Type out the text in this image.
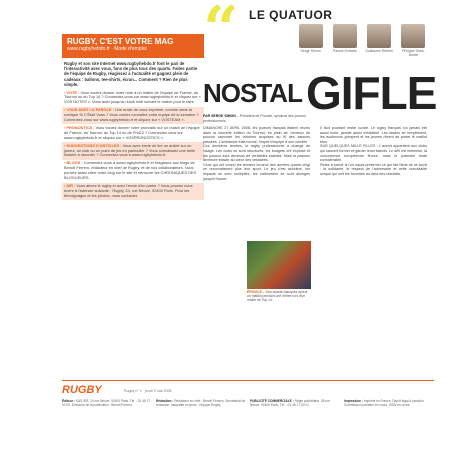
RUGBY, C'EST VOTRE MAG
www.rugbyhebdo.fr · Mode d'emploi
Rugby et son site Internet www.rugbyhebdo.fr font le pari de l'interactivité avec vous, fans de plus tous des quarts. Faites partie de l'équipe de Rugby, réagissez à l'actualité et gagnez plein de cadeaux : ballons, tee-shirts, écran... Comment ? Rien de plus simple.
› VOTE : Vous voulez donner votre note à un match de l'équipe de France, du Tournoi ou du Top 14 ? Connectez-vous sur www.rugbyhebdo.fr et cliquez sur « VOS NOTES ». Vous avez jusqu'au lundi midi suivant le match pour le faire.
› VOUS AVEZ LA PAROLE : Une envie de vous exprimer, comme dans la rubrique Si C'Était Vous ? Vous voulez connaître votre équipe de la semaine ? Connectez-vous sur www.rugbyhebdo.fr et cliquez sur « VOSTEAM ».
› PRONOSTICS : Vous voulez donner votre pronostic sur un match de l'équipe de France, du Tournoi, du Top 14 ou de ProD2 ? Connectez-vous sur www.rugbyhebdo.fr et cliquez sur « VOSPRONOSTICS ».
› SUGGESTIONS D'ARTICLES : Vous avez envie de lire un article sur un joueur, un club ou un point de jeu en particulier ? Vous connaissez une belle histoire à raconter ? Connectez-vous à www.rugbyhebdo.fr.
› BLOGS : Connectez-vous à www.rugbyhebdo.fr et réagissez aux blogs de Benoît Ferrero, rédacteur en chef de Rugby, et de nos collaborateurs. Vous pouvez aussi créer votre blog sur le site et retrouver les CHRONIQUES DES BLOGUEURS.
› AIR : Vous aimez le rugby et avez l'envie d'en parler ? Vous pouvez nous écrire à l'adresse suivante : Rugby, 24, rue Neuve, 92400 Paris. Pour les témoignages et les photos, nous contacter.
“ LE QUATUOR
Serge Simon	Pascal Ondarts Guillaume Ribière	Philippe Saint-André
NOSTAL GIFLE
PAR SERGE SIMON – Président de Provale, syndicat des joueurs professionnels

DIMANCHE 27 AVRIL 2008, les joueurs français étaient réunis dans la nouvelle édition du Tournoi, en plein air, heureux de pouvoir savourer les victoires acquises au fil des saisons passées. L'ambiance était bonne, l'esprit d'équipe à son comble.

Ces dernières années, le rugby professionnel a changé de visage. Les clubs se sont structurés, les budgets ont explosé et les joueurs sont devenus de véritables salariés. Mais la passion demeure intacte au cœur des vestiaires.

Ceux qui ont connu les terrains boueux des années quatre-vingt ne reconnaissent plus leur sport. Le jeu s'est accéléré, les impacts se sont multipliés, les calendriers se sont allongés jusqu'à l'usure.

ÉPINGLÉ – Des avants masqués épient un maillot pendant une mêlée lors d'un match de Top 14.

Il faut pourtant rester lucide. Le rugby français n'a jamais été aussi riche, jamais aussi médiatisé. Les stades se remplissent, les audiences grimpent et les jeunes rêvent de porter le maillot bleu.

SUR QUELQUES MILLE FILLES : L'avenir appartient aux clubs qui sauront former et garder leurs talents. Le défi est immense, la concurrence européenne féroce, mais le potentiel reste considérable.

Reste à savoir si l'on saura préserver ce qui fait l'âme de ce sport : la solidarité, le respect de l'adversaire et cette convivialité unique qui unit les hommes au-delà des résultats.

RUGBY	Rugby n° 1 · jeudi 3 mai 2008
Éditeur : SAS SIR, 24 rue Neuve, 92400 Paris. Tél. : 01 46 17 00 00. Directeur de la publication : Benoît Ferrero.
Rédaction : Rédacteur en chef : Benoît Ferrero. Secrétariat de rédaction, maquette et photo : l'équipe Rugby.
PUBLICITÉ COMMERCIALE : Régie publicitaire, 28 rue Neuve, 92400 Paris. Tél. : 01 46 17 00 01.
Impression : Imprimé en France. Dépôt légal à parution. Commission paritaire en cours. ISSN en cours.
